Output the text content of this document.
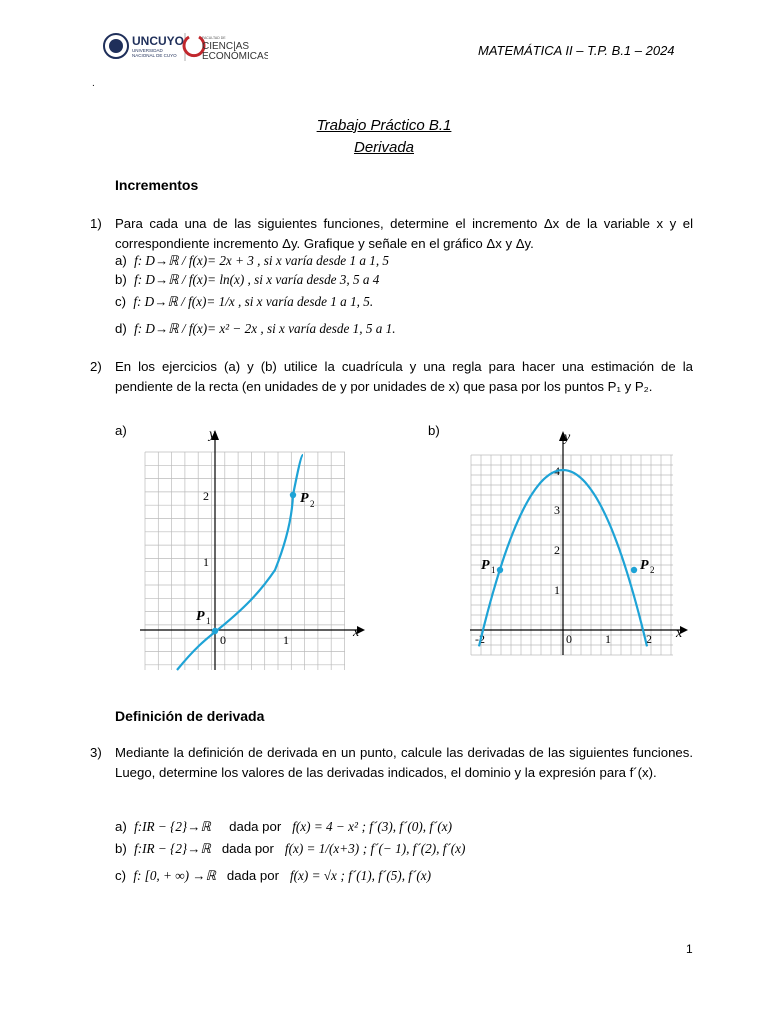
UNCUYO
UNIVERSIDAD
NACIONAL DE CUYO
FACULTAD DE
CIENC|AS
ECONÓMICAS	MATEMÁTICA II – T.P. B.1 – 2024
.
Trabajo Práctico B.1
Derivada
Incrementos
1) Para cada una de las siguientes funciones, determine el incremento Δx de la variable x y el correspondiente incremento Δy. Grafique y señale en el gráfico Δx y Δy.
a) f: D→ℝ / f(x)= 2x + 3 , si x varía desde 1 a 1, 5
b) f: D→ℝ / f(x)= ln(x) , si x varía desde 3, 5 a 4
c) f: D→ℝ / f(x)= 1/x , si x varía desde 1 a 1, 5.
d) f: D→ℝ / f(x)= x² − 2x , si x varía desde 1, 5 a 1.
2) En los ejercicios (a) y (b) utilice la cuadrícula y una regla para hacer una estimación de la pendiente de la recta (en unidades de y por unidades de x) que pasa por los puntos P₁ y P₂.
a)	b)
x
y
1
2
0	1
P 1
P 2
x
y
1
2
3
4
-2	0	1	2
P 1	P 2
Definición de derivada
3) Mediante la definición de derivada en un punto, calcule las derivadas de las siguientes funciones. Luego, determine los valores de las derivadas indicados, el dominio y la expresión para f´(x).
a) f:IR − {2}→ℝ dada por f(x) = 4 − x² ; f´(3), f´(0), f´(x)
b) f:IR − {2}→ℝ dada por f(x) = 1/(x+3) ; f´(− 1), f´(2), f´(x)
c) f: [0, + ∞) →ℝ dada por f(x) = √x ; f´(1), f´(5), f´(x)
1
